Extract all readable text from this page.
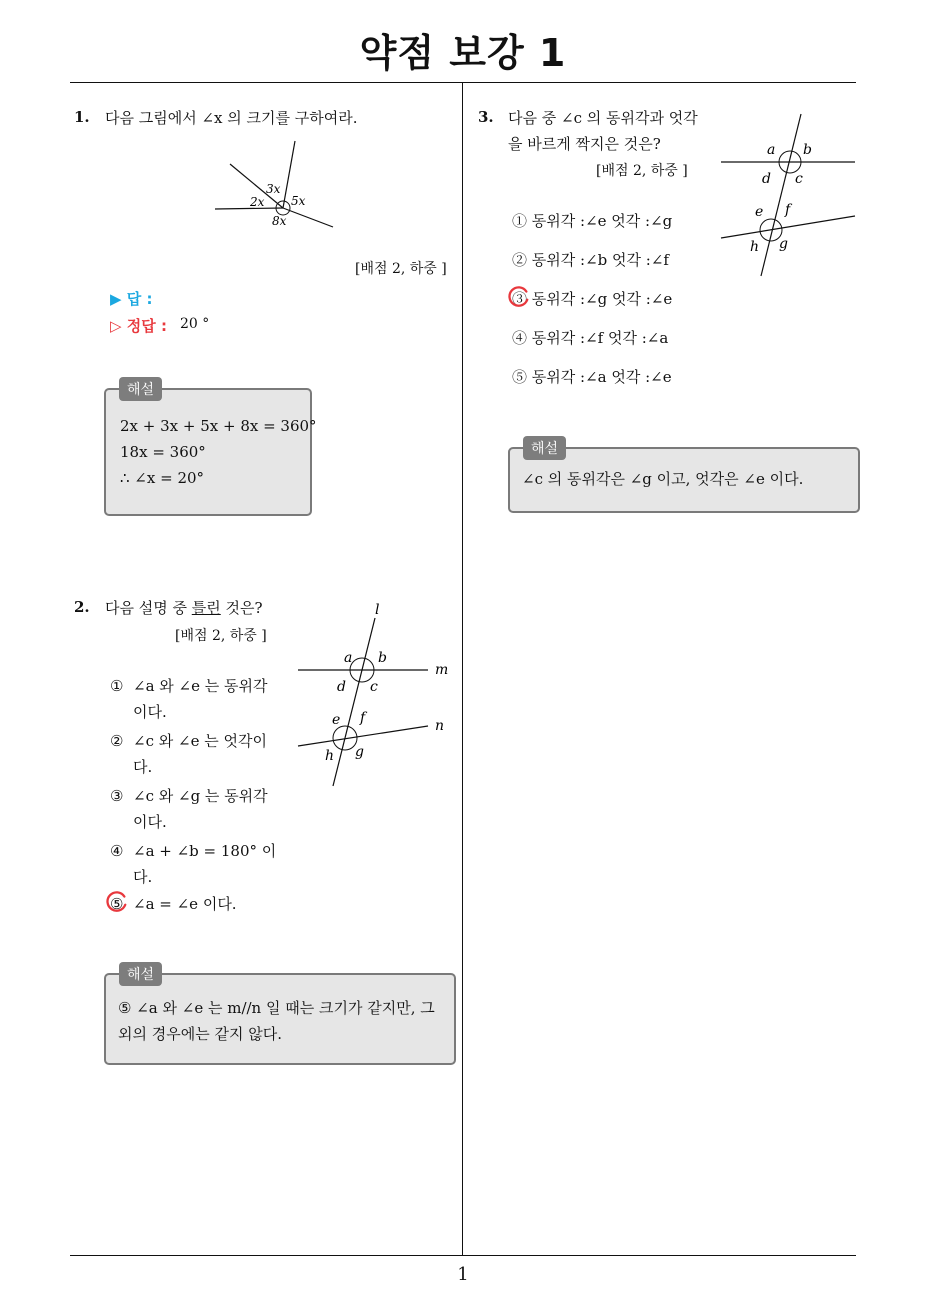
약점 보강 1
1
1. 다음 그림에서 ∠x 의 크기를 구하여라.
3x
2x 5x
8x
[배점 2, 하중 ]
▶ 답 :
▷ 정답 : 20 °
해설
2x + 3x + 5x + 8x = 360°
18x = 360°
∴ ∠x = 20°
2. 다음 설명 중 틀린 것은?
[배점 2, 하중 ]
l
m
n
a b
c
d
e f
g
h
① ∠a 와 ∠e 는 동위각
이다.
② ∠c 와 ∠e 는 엇각이
다.
③ ∠c 와 ∠g 는 동위각
이다.
④ ∠a + ∠b = 180° 이
다.
⑤ ∠a = ∠e 이다.
해설
⑤ ∠a 와 ∠e 는 m//n 일 때는 크기가 같지만, 그
외의 경우에는 같지 않다.
3. 다음 중 ∠c 의 동위각과 엇각
을 바르게 짝지은 것은?
[배점 2, 하중 ]
a b
c
d
e f
g
h
① 동위각 :∠e 엇각 :∠g
② 동위각 :∠b 엇각 :∠f
③ 동위각 :∠g 엇각 :∠e
④ 동위각 :∠f 엇각 :∠a
⑤ 동위각 :∠a 엇각 :∠e
해설
∠c 의 동위각은 ∠g 이고, 엇각은 ∠e 이다.
